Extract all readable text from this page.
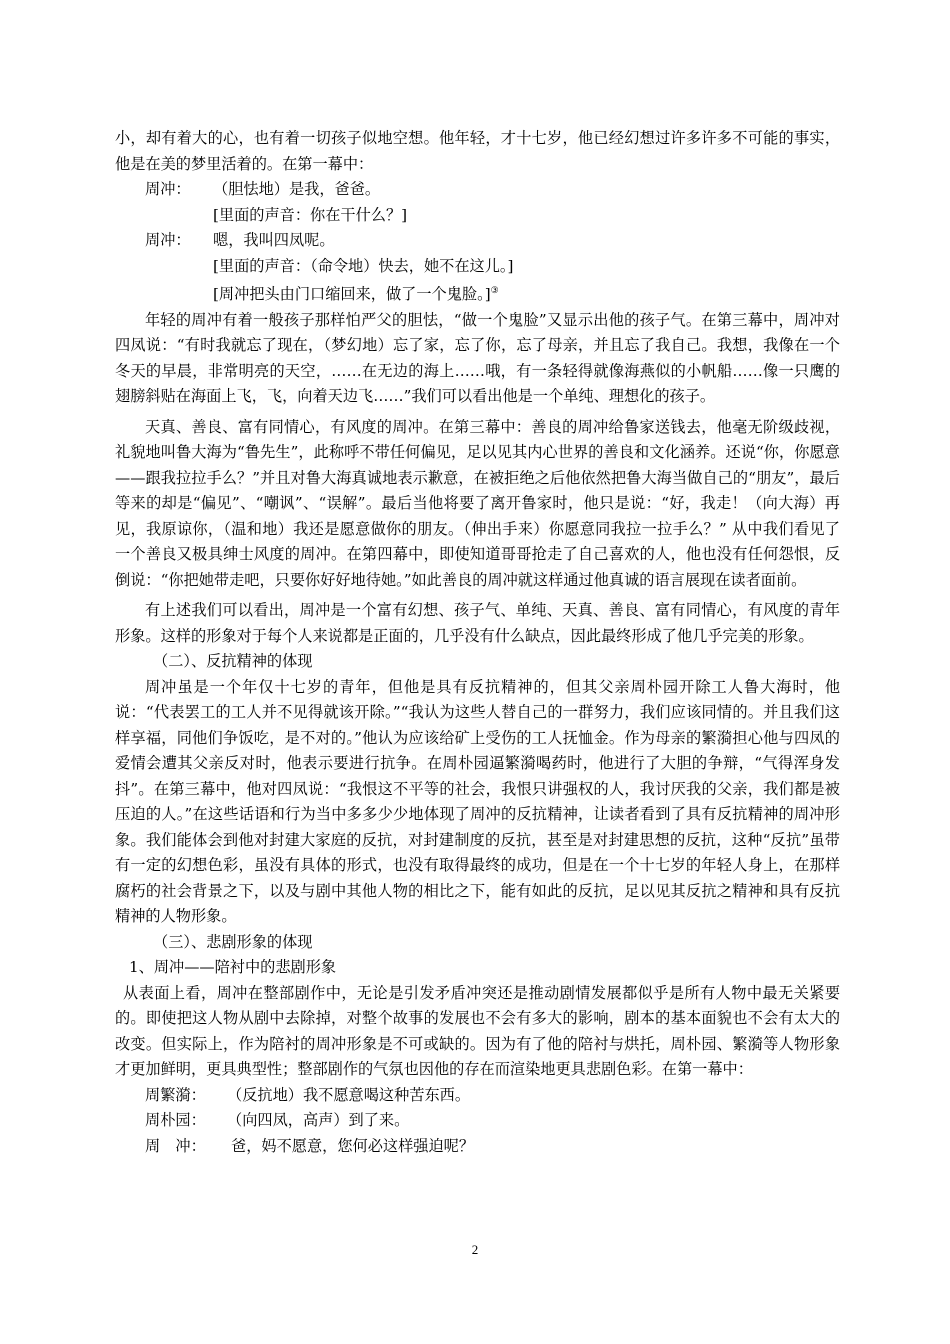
小，却有着大的心，也有着一切孩子似地空想。他年轻，才十七岁，他已经幻想过许多许多不可能的事实，他是在美的梦里活着的。在第一幕中：

周冲： （胆怯地）是我，爸爸。

[里面的声音：你在干什么？]

周冲： 嗯，我叫四凤呢。

[里面的声音：（命令地）快去，她不在这儿。]

[周冲把头由门口缩回来，做了一个鬼脸。]③

年轻的周冲有着一般孩子那样怕严父的胆怯，“做一个鬼脸”又显示出他的孩子气。在第三幕中，周冲对四凤说：“有时我就忘了现在，（梦幻地）忘了家，忘了你，忘了母亲，并且忘了我自己。我想，我像在一个冬天的早晨，非常明亮的天空，……在无边的海上……哦，有一条轻得就像海燕似的小帆船……像一只鹰的翅膀斜贴在海面上飞，飞，向着天边飞……”我们可以看出他是一个单纯、理想化的孩子。

天真、善良、富有同情心，有风度的周冲。在第三幕中：善良的周冲给鲁家送钱去，他毫无阶级歧视，礼貌地叫鲁大海为“鲁先生”，此称呼不带任何偏见，足以见其内心世界的善良和文化涵养。还说“你，你愿意——跟我拉拉手么？”并且对鲁大海真诚地表示歉意，在被拒绝之后他依然把鲁大海当做自己的“朋友”，最后等来的却是“偏见”、“嘲讽”、“误解”。最后当他将要了离开鲁家时，他只是说：“好，我走！（向大海）再见，我原谅你，（温和地）我还是愿意做你的朋友。（伸出手来）你愿意同我拉一拉手么？” 从中我们看见了一个善良又极具绅士风度的周冲。在第四幕中，即使知道哥哥抢走了自己喜欢的人，他也没有任何怨恨，反倒说：“你把她带走吧，只要你好好地待她。”如此善良的周冲就这样通过他真诚的语言展现在读者面前。

有上述我们可以看出，周冲是一个富有幻想、孩子气、单纯、天真、善良、富有同情心，有风度的青年形象。这样的形象对于每个人来说都是正面的，几乎没有什么缺点，因此最终形成了他几乎完美的形象。

（二）、反抗精神的体现

周冲虽是一个年仅十七岁的青年，但他是具有反抗精神的，但其父亲周朴园开除工人鲁大海时，他说：“代表罢工的工人并不见得就该开除。”“我认为这些人替自己的一群努力，我们应该同情的。并且我们这样享福，同他们争饭吃，是不对的。”他认为应该给矿上受伤的工人抚恤金。作为母亲的繁漪担心他与四凤的爱情会遭其父亲反对时，他表示要进行抗争。在周朴园逼繁漪喝药时，他进行了大胆的争辩，“气得浑身发抖”。在第三幕中，他对四凤说：“我恨这不平等的社会，我恨只讲强权的人，我讨厌我的父亲，我们都是被压迫的人。”在这些话语和行为当中多多少少地体现了周冲的反抗精神，让读者看到了具有反抗精神的周冲形象。我们能体会到他对封建大家庭的反抗，对封建制度的反抗，甚至是对封建思想的反抗，这种“反抗”虽带有一定的幻想色彩，虽没有具体的形式，也没有取得最终的成功，但是在一个十七岁的年轻人身上，在那样腐朽的社会背景之下，以及与剧中其他人物的相比之下，能有如此的反抗，足以见其反抗之精神和具有反抗精神的人物形象。

（三）、悲剧形象的体现

1、周冲——陪衬中的悲剧形象

从表面上看，周冲在整部剧作中，无论是引发矛盾冲突还是推动剧情发展都似乎是所有人物中最无关紧要的。即使把这人物从剧中去除掉，对整个故事的发展也不会有多大的影响，剧本的基本面貌也不会有太大的改变。但实际上，作为陪衬的周冲形象是不可或缺的。因为有了他的陪衬与烘托，周朴园、繁漪等人物形象才更加鲜明，更具典型性；整部剧作的气氛也因他的存在而渲染地更具悲剧色彩。在第一幕中：

周繁漪： （反抗地）我不愿意喝这种苦东西。

周朴园： （向四凤，高声）到了来。

周　冲： 爸，妈不愿意，您何必这样强迫呢？

2
